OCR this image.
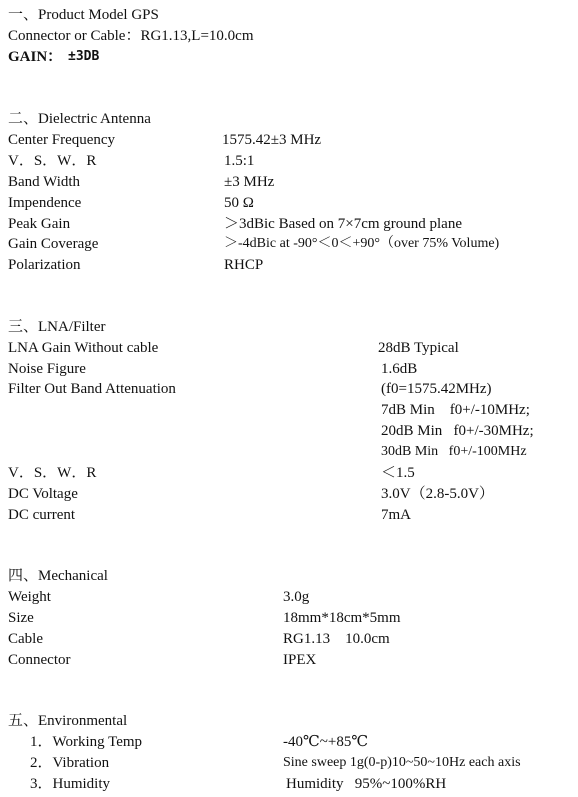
一、Product Model GPS
Connector or Cable：RG1.13,L=10.0cm
GAIN： ±3DB
二、Dielectric Antenna
Center Frequency	1575.42±3 MHz
V．S．W．R	1.5:1
Band Width	±3 MHz
Impendence	50 Ω
Peak Gain	＞3dBic Based on 7×7cm ground plane
Gain Coverage	＞-4dBic at -90°＜0＜+90°（over 75% Volume)
Polarization	RHCP
三、LNA/Filter
LNA Gain Without cable	28dB Typical
Noise Figure	1.6dB
Filter Out Band Attenuation	(f0=1575.42MHz)
7dB Min    f0+/-10MHz;
20dB Min   f0+/-30MHz;
30dB Min   f0+/-100MHz
V．S．W．R	＜1.5
DC Voltage	3.0V（2.8-5.0V）
DC current	7mA
四、Mechanical
Weight	3.0g
Size	18mm*18cm*5mm
Cable	RG1.13    10.0cm
Connector	IPEX
五、Environmental
1．Working Temp	-40℃~+85℃
2．Vibration	Sine sweep 1g(0-p)10~50~10Hz each axis
3．Humidity	Humidity   95%~100%RH
